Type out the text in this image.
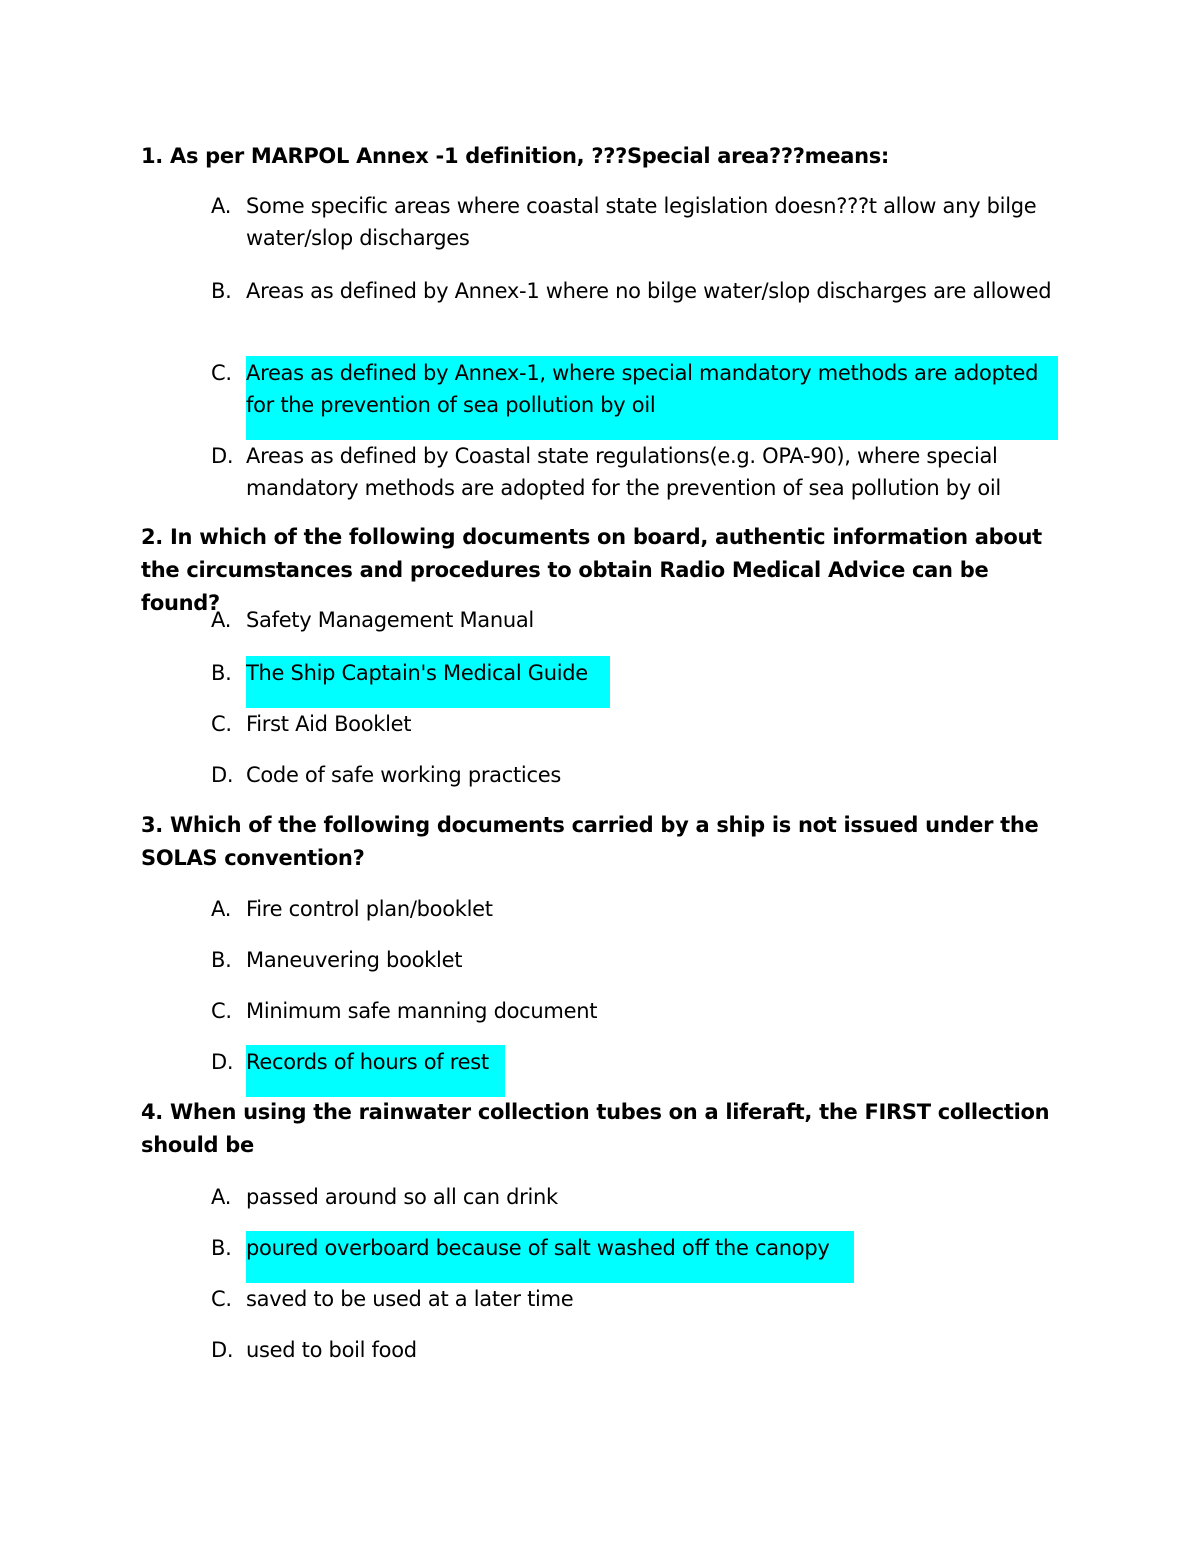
1. As per MARPOL Annex -1 definition, ???Special area???means:
A. Some specific areas where coastal state legislation doesn???t allow any bilge water/slop discharges
B. Areas as defined by Annex-1 where no bilge water/slop discharges are allowed
C. Areas as defined by Annex-1, where special mandatory methods are adopted for the prevention of sea pollution by oil
D. Areas as defined by Coastal state regulations(e.g. OPA-90), where special mandatory methods are adopted for the prevention of sea pollution by oil
2. In which of the following documents on board, authentic information about the circumstances and procedures to obtain Radio Medical Advice can be found?
A. Safety Management Manual
B. The Ship Captain's Medical Guide
C. First Aid Booklet
D. Code of safe working practices
3. Which of the following documents carried by a ship is not issued under the SOLAS convention?
A. Fire control plan/booklet
B. Maneuvering booklet
C. Minimum safe manning document
D. Records of hours of rest
4. When using the rainwater collection tubes on a liferaft, the FIRST collection should be
A. passed around so all can drink
B. poured overboard because of salt washed off the canopy
C. saved to be used at a later time
D. used to boil food
